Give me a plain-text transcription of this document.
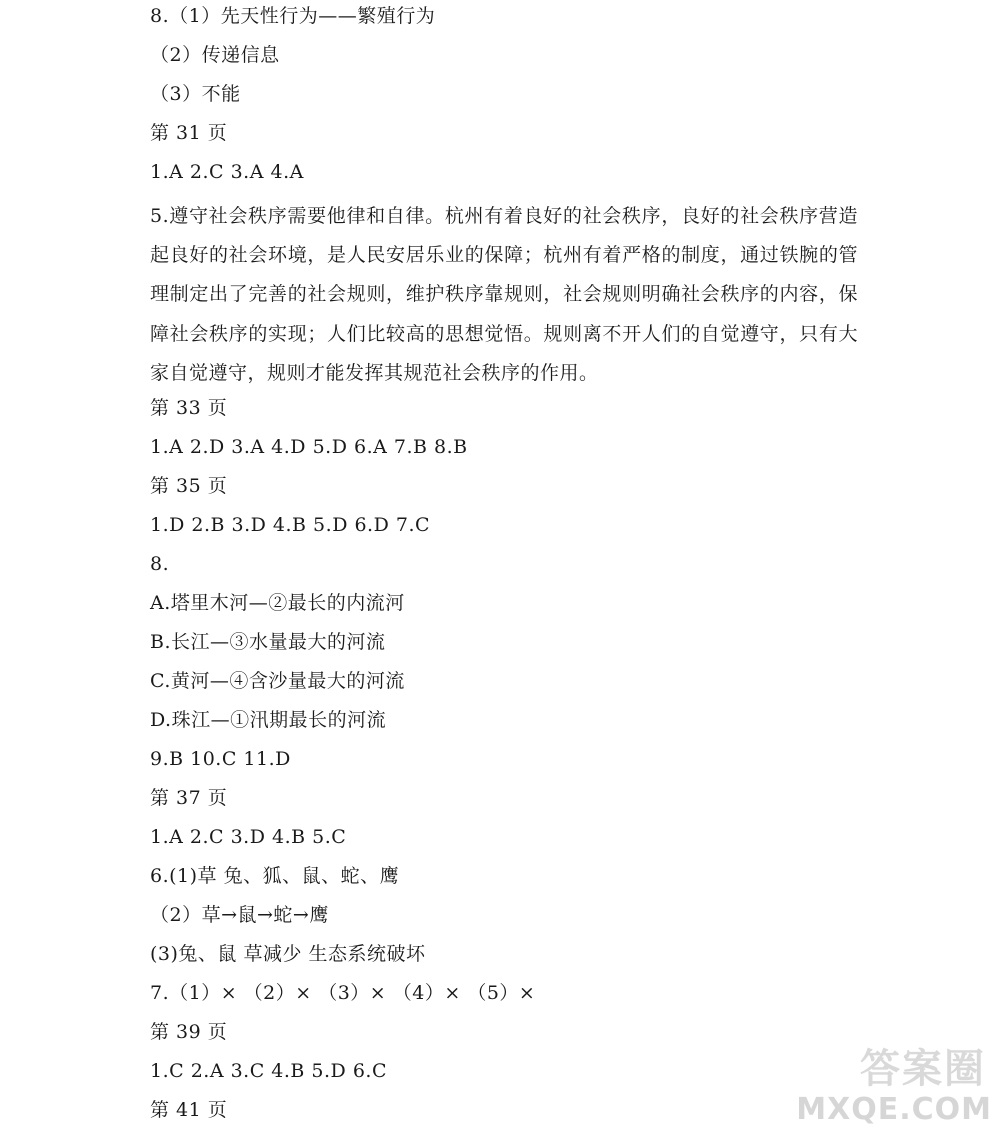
8.（1）先天性行为——繁殖行为
（2）传递信息
（3）不能
第 31 页
1.A 2.C 3.A 4.A
5.遵守社会秩序需要他律和自律。杭州有着良好的社会秩序，良好的社会秩序营造起良好的社会环境，是人民安居乐业的保障；杭州有着严格的制度，通过铁腕的管理制定出了完善的社会规则，维护秩序靠规则，社会规则明确社会秩序的内容，保障社会秩序的实现；人们比较高的思想觉悟。规则离不开人们的自觉遵守，只有大家自觉遵守，规则才能发挥其规范社会秩序的作用。
第 33 页
1.A 2.D 3.A 4.D 5.D 6.A 7.B 8.B
第 35 页
1.D 2.B 3.D 4.B 5.D 6.D 7.C
8.
A.塔里木河—②最长的内流河
B.长江—③水量最大的河流
C.黄河—④含沙量最大的河流
D.珠江—①汛期最长的河流
9.B 10.C 11.D
第 37 页
1.A 2.C 3.D 4.B 5.C
6.(1)草 兔、狐、鼠、蛇、鹰
（2）草→鼠→蛇→鹰
(3)兔、鼠 草减少 生态系统破坏
7.（1）× （2）× （3）× （4）× （5）×
第 39 页
1.C 2.A 3.C 4.B 5.D 6.C
第 41 页
答案圈
MXQE.COM
